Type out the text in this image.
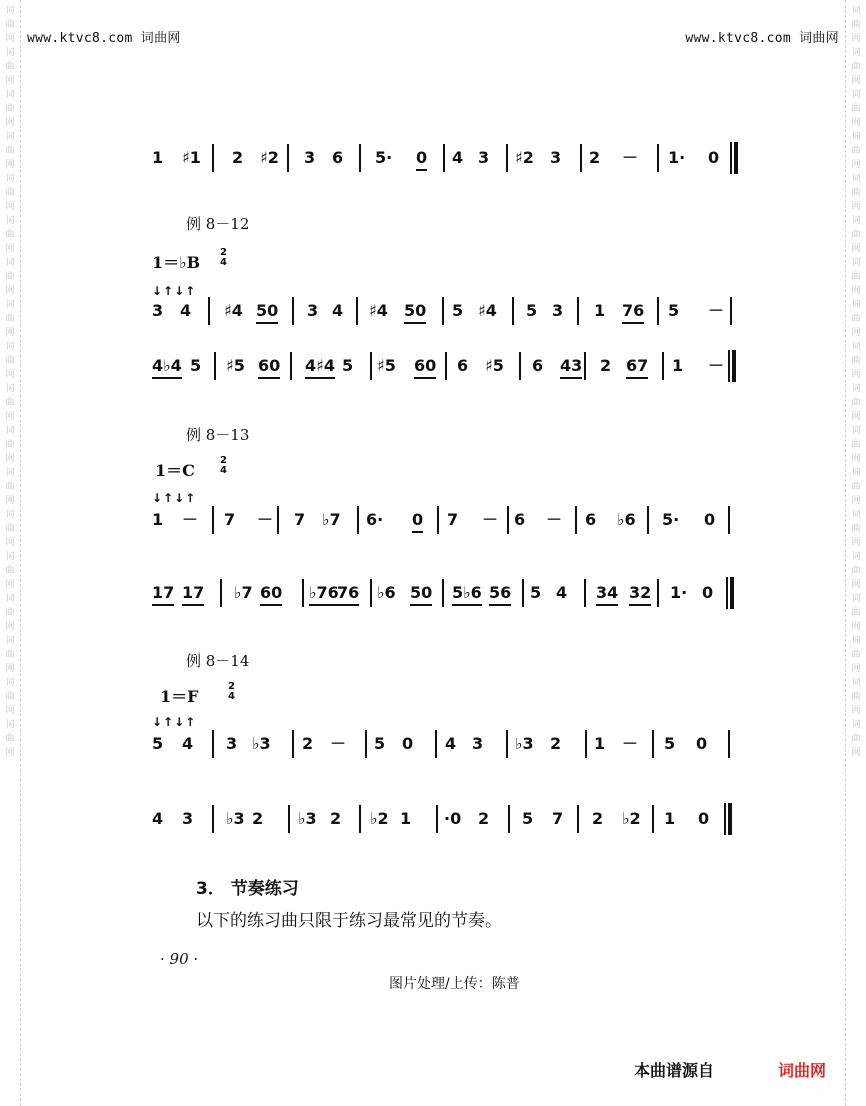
词曲网词曲网词曲网词曲网词曲网词曲网词曲网词曲网词曲网词曲网词曲网词曲网词曲网词曲网词曲网词曲网词曲网词曲网
词曲网词曲网词曲网词曲网词曲网词曲网词曲网词曲网词曲网词曲网词曲网词曲网词曲网词曲网词曲网词曲网词曲网词曲网
www.ktvc8.com 词曲网	www.ktvc8.com 词曲网
1 ♯1 2 ♯2 3 6 5· 0 4 3 ♯2 3 2 － 1· 0
例 8－12
1＝♭B
2
4
↓↑↓↑
3 4 ♯4 50 3 4 ♯4 50 5 ♯4 5 3 1 76 5 －
4♭4 5 ♯5 60 4♯4 5 ♯5 60 6 ♯5 6 43 2 67 1 －
例 8－13
1＝C
2
4
↓↑↓↑
1 － 7 － 7 ♭7 6· 0 7 － 6 － 6 ♭6 5· 0
17 17 ♭7 60 ♭76
76 ♭6 50 5♭6 56 5 4 34 32 1· 0
例 8－14
1＝F
2
4
↓↑↓↑
5 4 3 ♭3 2 － 5 0 4 3 ♭3 2 1 － 5 0
4 3 ♭3 2 ♭3 2 ♭2 1 ·0 2 5 7 2 ♭2 1 0
3． 节奏练习
以下的练习曲只限于练习最常见的节奏。
· 90 ·
图片处理/上传：陈普
本曲谱源自	词曲网
